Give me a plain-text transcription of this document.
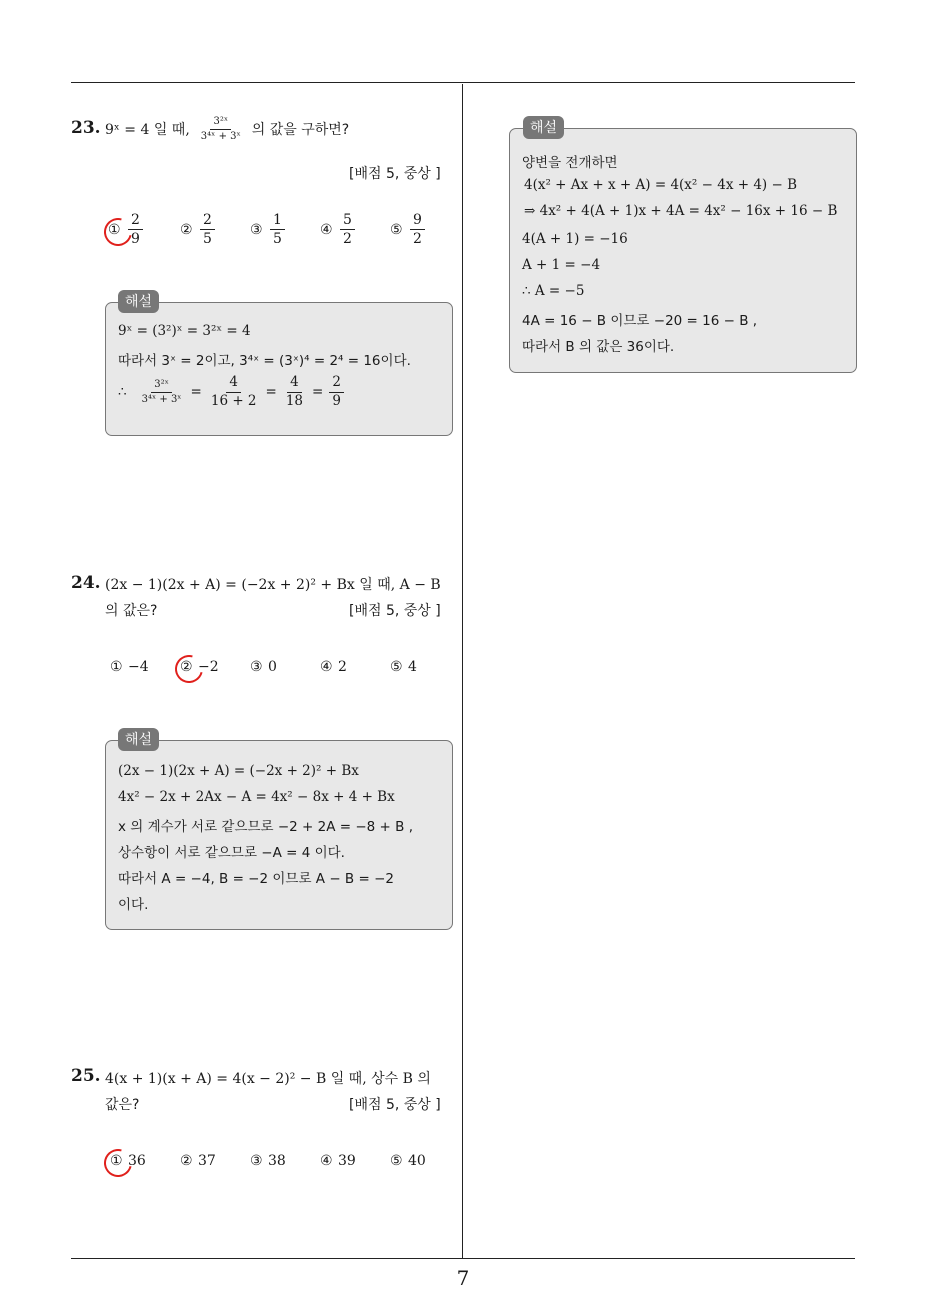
23. 9ˣ = 4 일 때, $\frac{\text{3²ˣ}}{\text{3⁴ˣ + 3ˣ}}$ 의 값을 구하면?
[배점 5, 중상 ]
① $\frac{2}{9}$	② $\frac{2}{5}$	③ $\frac{1}{5}$	④ $\frac{5}{2}$	⑤ $\frac{9}{2}$
9ˣ = (3²)ˣ = 3²ˣ = 4
따라서 3ˣ = 2이고, 3⁴ˣ = (3ˣ)⁴ = 2⁴ = 16이다.
∴ $\frac{\text{3²ˣ}}{\text{3⁴ˣ + 3ˣ}} = \frac{4}{16 + 2} = \frac{4}{18} = \frac{2}{9}$
해설
24. (2x − 1)(2x + A) = (−2x + 2)² + Bx 일 때, A − B
의 값은?	[배점 5, 중상 ]
① −4 ② −2 ③ 0	④ 2	⑤ 4
(2x − 1)(2x + A) = (−2x + 2)² + Bx
4x² − 2x + 2Ax − A = 4x² − 8x + 4 + Bx
x 의 계수가 서로 같으므로 −2 + 2A = −8 + B ,
상수항이 서로 같으므로 −A = 4 이다.
따라서 A = −4, B = −2 이므로 A − B = −2
이다.
해설
25. 4(x + 1)(x + A) = 4(x − 2)² − B 일 때, 상수 B 의
값은?	[배점 5, 중상 ]
① 36 ② 37 ③ 38 ④ 39 ⑤ 40
양변을 전개하면
4(x² + Ax + x + A) = 4(x² − 4x + 4) − B
⇒ 4x² + 4(A + 1)x + 4A = 4x² − 16x + 16 − B
4(A + 1) = −16
A + 1 = −4
∴ A = −5
4A = 16 − B 이므로 −20 = 16 − B ,
따라서 B 의 값은 36이다.
해설
7
